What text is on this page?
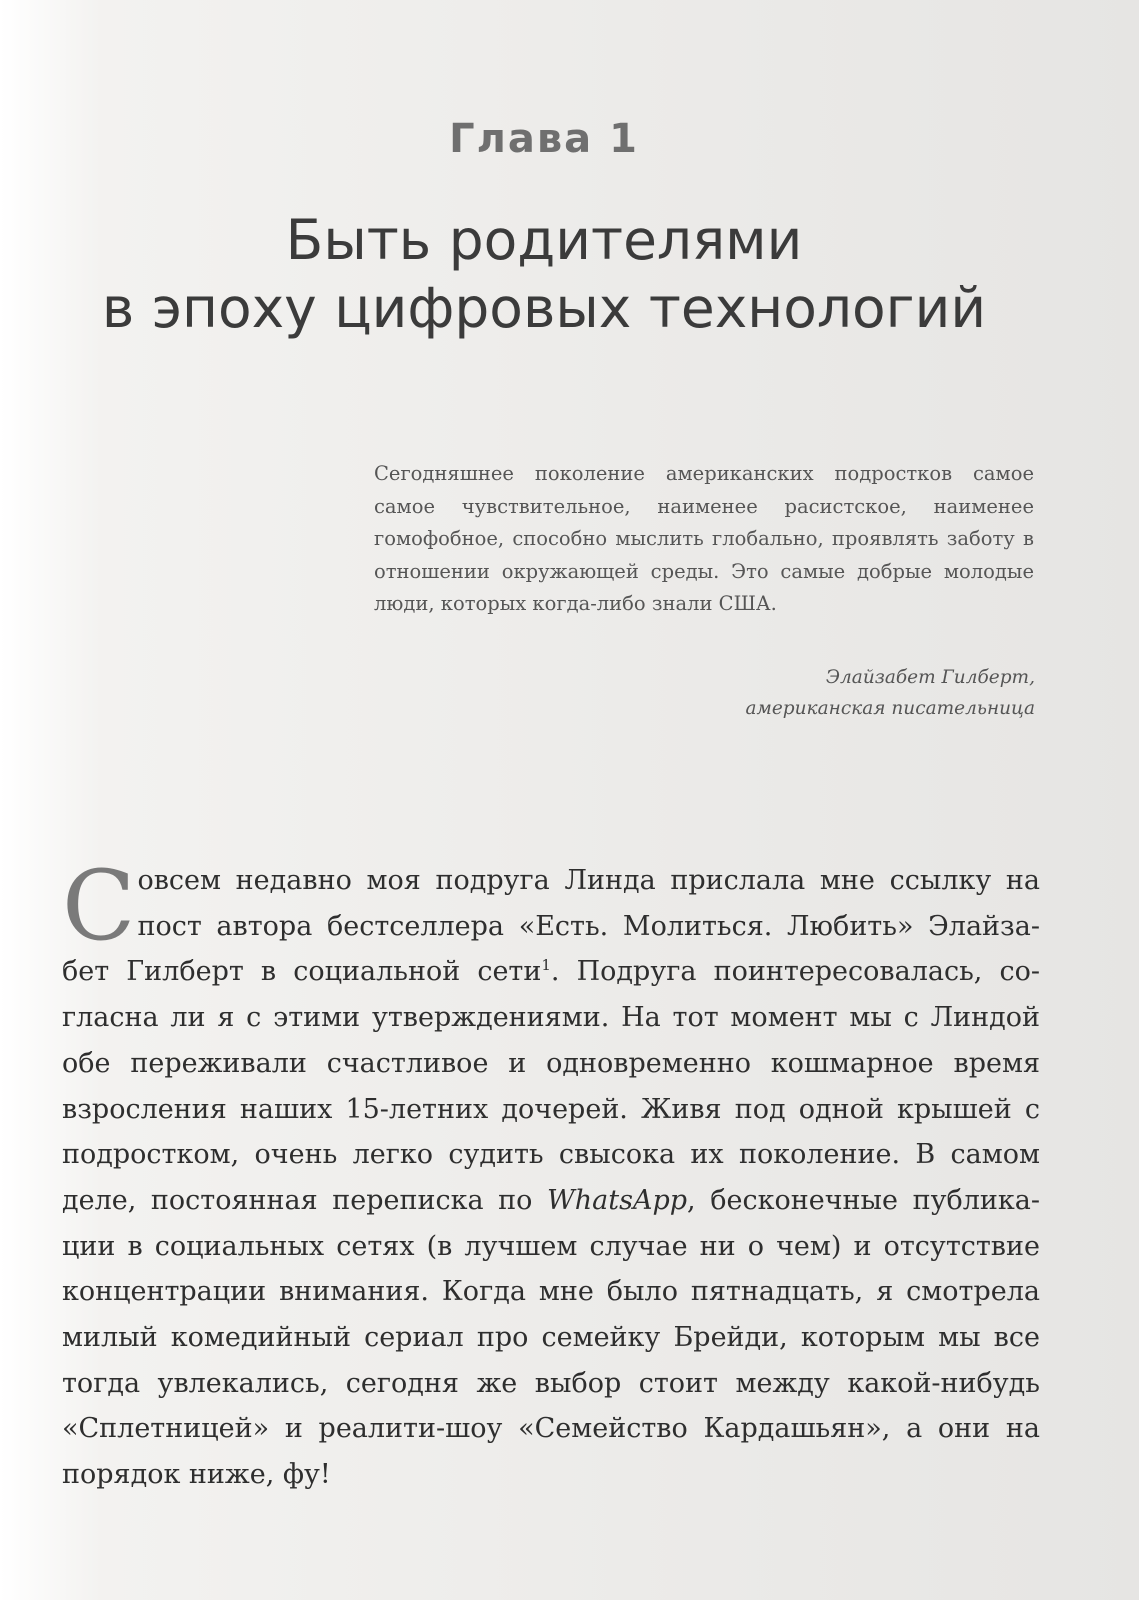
Глава 1
Быть родителями
в эпоху цифровых технологий
Сегодняшнее поколение американских подростков самое самое чувствительное, наименее расистское, наименее гомофобное, способно мыслить глобально, проявлять заботу в отношении окружающей среды. Это самые добрые молодые люди, которых когда-либо знали США.
Элайзабет Гилберт,
американская писательница
Совсем недавно моя подруга Линда прислала мне ссылку на пост автора бестселлера «Есть. Молиться. Любить» Элайзабет Гилберт в социальной сети$^1$. Подруга поинтересовалась, согласна ли я с этими утверждениями. На тот момент мы с Линдой обе переживали счастливое и одновременно кошмарное время взросления наших 15-летних дочерей. Живя под одной крышей с подростком, очень легко судить свысока их поколение. В самом деле, постоянная переписка по WhatsApp, бесконечные публикации в социальных сетях (в лучшем случае ни о чем) и отсутствие концентрации внимания. Когда мне было пятнадцать, я смотрела милый комедийный сериал про семейку Брейди, которым мы все тогда увлекались, сегодня же выбор стоит между какой-нибудь «Сплетницей» и реалити-шоу «Семейство Кардашьян», а они на порядок ниже, фу!
